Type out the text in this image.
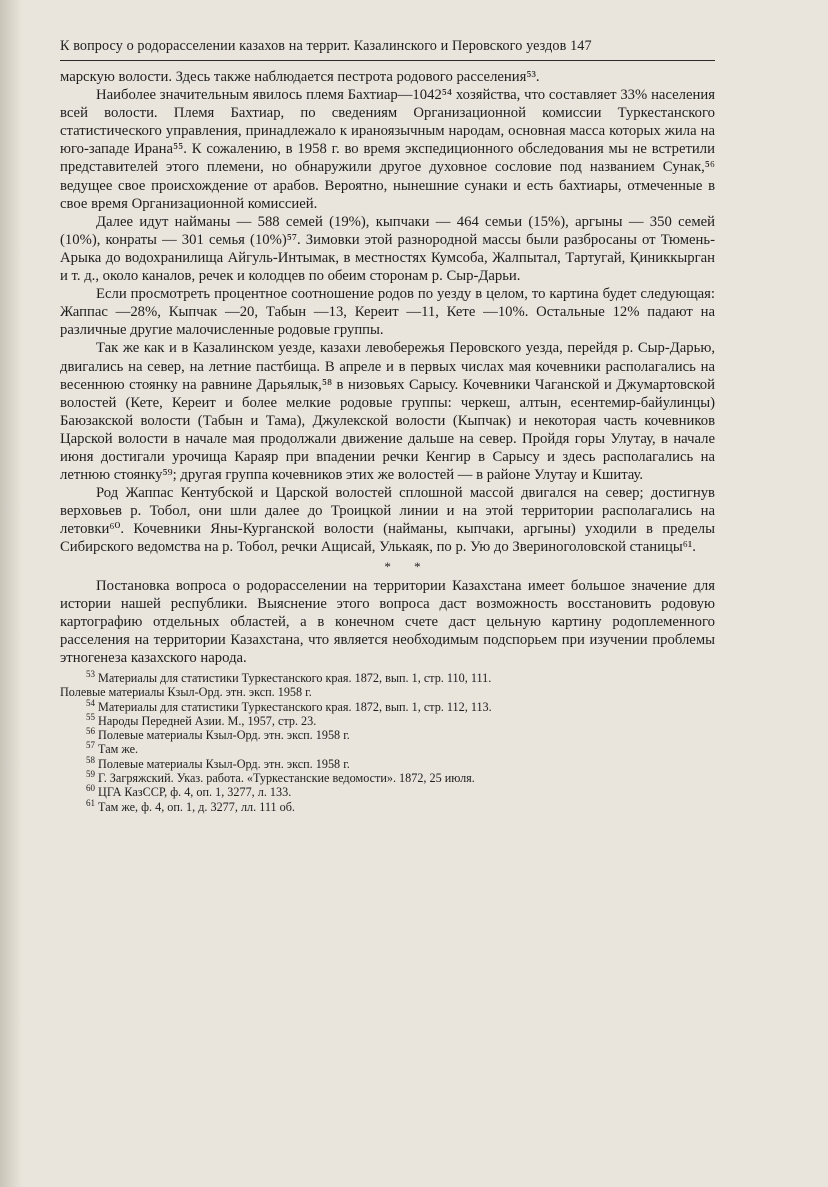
К вопросу о родорасселении казахов на террит. Казалинского и Перовского уездов 147

марскую волости. Здесь также наблюдается пестрота родового расселения⁵³.

Наиболее значительным явилось племя Бахтиар—1042⁵⁴ хозяйства, что составляет 33% населения всей волости. Племя Бахтиар, по сведениям Организационной комиссии Туркестанского статистического управления, принадлежало к ираноязычным народам, основная масса которых жила на юго-западе Ирана⁵⁵. К сожалению, в 1958 г. во время экспедиционного обследования мы не встретили представителей этого племени, но обнаружили другое духовное сословие под названием Сунак,⁵⁶ ведущее свое происхождение от арабов. Вероятно, нынешние сунаки и есть бахтиары, отмеченные в свое время Организационной комиссией.

Далее идут найманы — 588 семей (19%), кыпчаки — 464 семьи (15%), аргыны — 350 семей (10%), конраты — 301 семья (10%)⁵⁷. Зимовки этой разнородной массы были разбросаны от Тюмень-Арыка до водохранилища Айгуль-Интымак, в местностях Кумсоба, Жалпытал, Тартугай, Қиниккырган и т. д., около каналов, речек и колодцев по обеим сторонам р. Сыр-Дарьи.

Если просмотреть процентное соотношение родов по уезду в целом, то картина будет следующая: Жаппас —28%, Кыпчак —20, Табын —13, Кереит —11, Кете —10%. Остальные 12% падают на различные другие малочисленные родовые группы.

Так же как и в Казалинском уезде, казахи левобережья Перовского уезда, перейдя р. Сыр-Дарью, двигались на север, на летние пастбища. В апреле и в первых числах мая кочевники располагались на весеннюю стоянку на равнине Дарьялык,⁵⁸ в низовьях Сарысу. Кочевники Чаганской и Джумартовской волостей (Кете, Кереит и более мелкие родовые группы: черкеш, алтын, есентемир-байулинцы) Баюзакской волости (Табын и Тама), Джулекской волости (Кыпчак) и некоторая часть кочевников Царской волости в начале мая продолжали движение дальше на север. Пройдя горы Улутау, в начале июня достигали урочища Караяр при впадении речки Кенгир в Сарысу и здесь располагались на летнюю стоянку⁵⁹; другая группа кочевников этих же волостей — в районе Улутау и Кшитау.

Род Жаппас Кентубской и Царской волостей сплошной массой двигался на север; достигнув верховьев р. Тобол, они шли далее до Троицкой линии и на этой территории располагались на летовки⁶⁰. Кочевники Яны-Курганской волости (найманы, кыпчаки, аргыны) уходили в пределы Сибирского ведомства на р. Тобол, речки Ащисай, Улькаяк, по р. Ую до Звериноголовской станицы⁶¹.

* *

Постановка вопроса о родорасселении на территории Казахстана имеет большое значение для истории нашей республики. Выяснение этого вопроса даст возможность восстановить родовую картографию отдельных областей, а в конечном счете даст цельную картину родоплеменного расселения на территории Казахстана, что является необходимым подспорьем при изучении проблемы этногенеза казахского народа.

$^{53}$ Материалы для статистики Туркестанского края. 1872, вып. 1, стр. 110, 111.

Полевые материалы Кзыл-Орд. этн. эксп. 1958 г.

$^{54}$ Материалы для статистики Туркестанского края. 1872, вып. 1, стр. 112, 113.

$^{55}$ Народы Передней Азии. М., 1957, стр. 23.

$^{56}$ Полевые материалы Кзыл-Орд. этн. эксп. 1958 г.

$^{57}$ Там же.

$^{58}$ Полевые материалы Кзыл-Орд. этн. эксп. 1958 г.

$^{59}$ Г. Загряжский. Указ. работа. «Туркестанские ведомости». 1872, 25 июля.

$^{60}$ ЦГА КазССР, ф. 4, оп. 1, 3277, л. 133.

$^{61}$ Там же, ф. 4, оп. 1, д. 3277, лл. 111 об.
